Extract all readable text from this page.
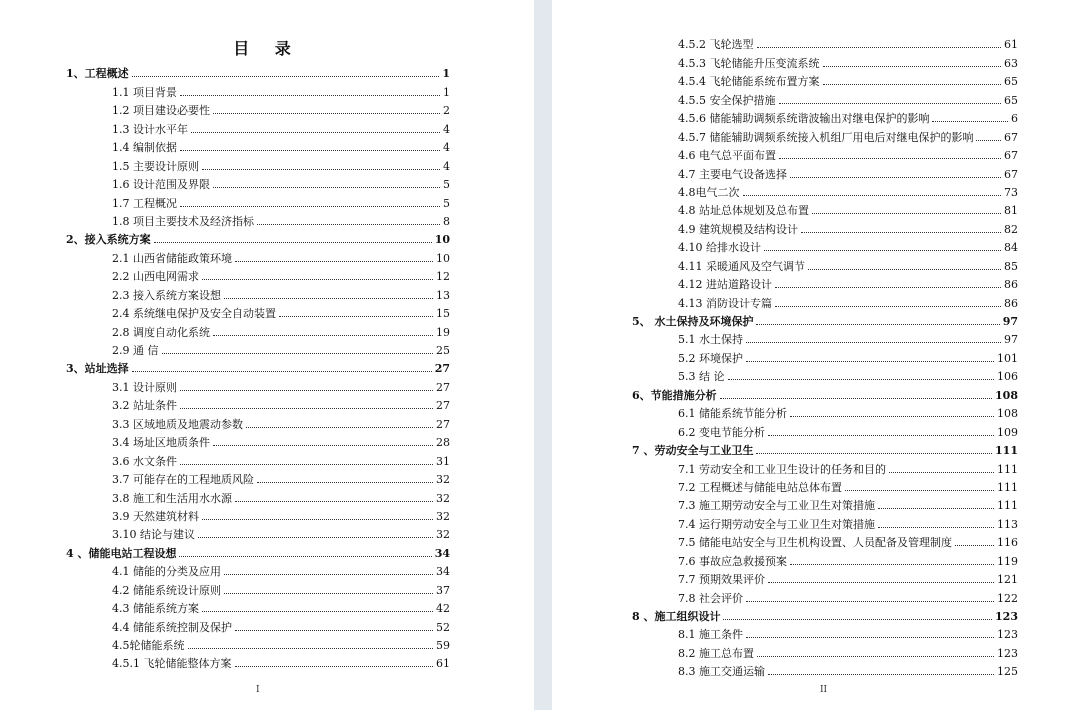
目 录
1、工程概述	1
1.1 项目背景	1
1.2 项目建设必要性	2
1.3 设计水平年	4
1.4 编制依据	4
1.5 主要设计原则	4
1.6 设计范围及界限	5
1.7 工程概况	5
1.8 项目主要技术及经济指标	8
2、接入系统方案	10
2.1 山西省储能政策环境	10
2.2 山西电网需求	12
2.3 接入系统方案设想	13
2.4 系统继电保护及安全自动装置	15
2.8 调度自动化系统	19
2.9 通 信	25
3、站址选择	27
3.1 设计原则	27
3.2 站址条件	27
3.3 区域地质及地震动参数	27
3.4 场址区地质条件	28
3.6 水文条件	31
3.7 可能存在的工程地质风险	32
3.8 施工和生活用水水源	32
3.9 天然建筑材料	32
3.10 结论与建议	32
4 、储能电站工程设想	34
4.1 储能的分类及应用	34
4.2 储能系统设计原则	37
4.3 储能系统方案	42
4.4 储能系统控制及保护	52
4.5轮储能系统	59
4.5.1 飞轮储能整体方案	61
I
4.5.2 飞轮选型	61
4.5.3 飞轮储能升压变流系统	63
4.5.4 飞轮储能系统布置方案	65
4.5.5 安全保护措施	65
4.5.6 储能辅助调频系统谐波输出对继电保护的影响	6
4.5.7 储能辅助调频系统接入机组厂用电后对继电保护的影响	67
4.6 电气总平面布置	67
4.7 主要电气设备选择	67
4.8电气二次	73
4.8 站址总体规划及总布置	81
4.9 建筑规模及结构设计	82
4.10 给排水设计	84
4.11 采暖通风及空气调节	85
4.12 进站道路设计	86
4.13 消防设计专篇	86
5、 水土保持及环境保护	97
5.1 水土保持	97
5.2 环境保护	101
5.3 结 论	106
6、节能措施分析	108
6.1 储能系统节能分析	108
6.2 变电节能分析	109
7 、劳动安全与工业卫生	111
7.1 劳动安全和工业卫生设计的任务和目的	111
7.2 工程概述与储能电站总体布置	111
7.3 施工期劳动安全与工业卫生对策措施	111
7.4 运行期劳动安全与工业卫生对策措施	113
7.5 储能电站安全与卫生机构设置、人员配备及管理制度	116
7.6 事故应急救援预案	119
7.7 预期效果评价	121
7.8 社会评价	122
8 、施工组织设计	123
8.1 施工条件	123
8.2 施工总布置	123
8.3 施工交通运输	125
II
